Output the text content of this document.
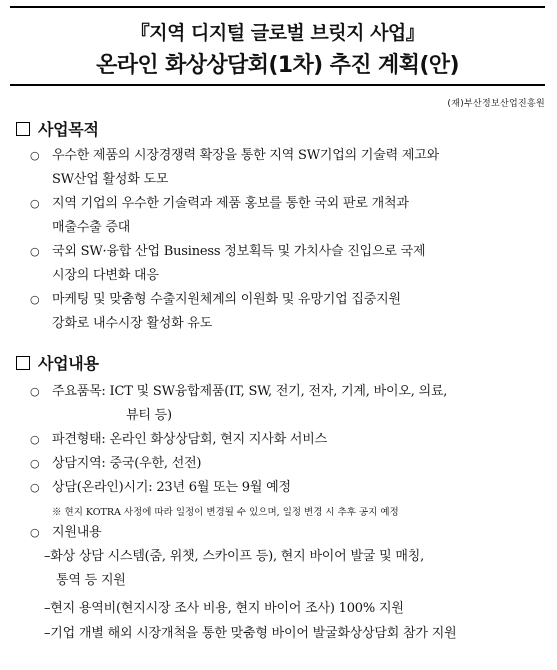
『지역 디지털 글로벌 브릿지 사업』
온라인 화상상담회(1차) 추진 계획(안)
(재)부산정보산업진흥원
사업목적
○ 우수한 제품의 시장경쟁력 확장을 통한 지역 SW기업의 기술력 제고와
SW산업 활성화 도모
○ 지역 기업의 우수한 기술력과 제품 홍보를 통한 국외 판로 개척과
매출수출 증대
○ 국외 SW·융합 산업 Business 정보획득 및 가치사슬 진입으로 국제
시장의 다변화 대응
○ 마케팅 및 맞춤형 수출지원체계의 이원화 및 유망기업 집중지원
강화로 내수시장 활성화 유도
사업내용
○ 주요품목: ICT 및 SW융합제품(IT, SW, 전기, 전자, 기계, 바이오, 의료,
뷰티 등)
○ 파견형태: 온라인 화상상담회, 현지 지사화 서비스
○ 상담지역: 중국(우한, 선전)
○ 상담(온라인)시기: 23년 6월 또는 9월 예정
※ 현지 KOTRA 사정에 따라 일정이 변경될 수 있으며, 일정 변경 시 추후 공지 예정
○ 지원내용
–화상 상담 시스템(줌, 위챗, 스카이프 등), 현지 바이어 발굴 및 매칭,
통역 등 지원
–현지 용역비(현지시장 조사 비용, 현지 바이어 조사) 100% 지원
–기업 개별 해외 시장개척을 통한 맞춤형 바이어 발굴화상상담회 참가 지원
